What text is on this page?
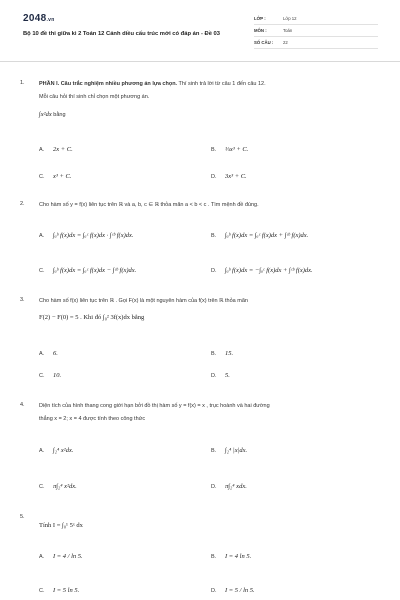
2048.vn
Bộ 10 đề thi giữa kì 2 Toán 12 Cánh diều cấu trúc mới có đáp án - Đề 03
LỚP :	Lớp 12
MÔN :	Toán
SỐ CÂU :	22
1.	PHẦN I. Câu trắc nghiệm nhiều phương án lựa chọn. Thí sinh trả lời từ câu 1 đến câu 12.
Mỗi câu hỏi thí sinh chỉ chọn một phương án.
∫x²dx bằng
A.	2x + C.	B.	⅓x³ + C.
C.	x³ + C.	D.	3x³ + C.
2.	Cho hàm số y = f(x) liên tục trên ℝ và a, b, c ∈ ℝ thỏa mãn a < b < c . Tìm mệnh đề đúng.
A.	∫ₐᵇ f(x)dx = ∫ₐᶜ f(x)dx · ∫ᶜᵇ f(x)dx.	B.	∫ₐᵇ f(x)dx = ∫ₐᶜ f(x)dx + ∫ᶜᵇ f(x)dx.
C.	∫ₐᵇ f(x)dx = ∫ₐᶜ f(x)dx − ∫ᶜᵇ f(x)dx.	D.	∫ₐᵇ f(x)dx = −∫ₐᶜ f(x)dx + ∫ᶜᵇ f(x)dx.
3.	Cho hàm số f(x) liên tục trên ℝ . Gọi F(x) là một nguyên hàm của f(x) trên ℝ thỏa mãn
F(2) − F(0) = 5 . Khi đó ∫₀² 3f(x)dx bằng
A.	6.	B.	15.
C.	10.	D.	5.
4.	Diện tích của hình thang cong giới hạn bởi đồ thị hàm số y = f(x) = x , trục hoành và hai đường
thẳng x = 2; x = 4 được tính theo công thức
A.	∫₂⁴ x²dx.	B.	∫₂⁴ |x|dx.
C.	π∫₂⁴ x²dx.	D.	π∫₂⁴ xdx.
5.
Tính I = ∫₀¹ 5ˣ dx
A.	I = 4 / ln 5.	B.	I = 4 ln 5.
C.	I = 5 ln 5.	D.	I = 5 / ln 5.
